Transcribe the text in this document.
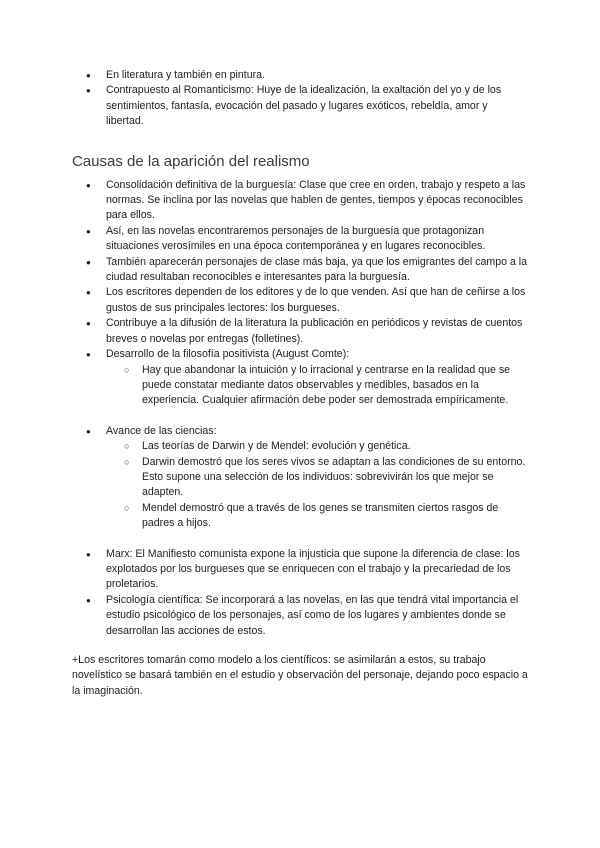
● En literatura y también en pintura.
● Contrapuesto al Romanticismo: Huye de la idealización, la exaltación del yo y de los sentimientos, fantasía, evocación del pasado y lugares exóticos, rebeldía, amor y libertad.
Causas de la aparición del realismo
● Consolidación definitiva de la burguesía: Clase que cree en orden, trabajo y respeto a las normas. Se inclina por las novelas que hablen de gentes, tiempos y épocas reconocibles para ellos.
● Así, en las novelas encontraremos personajes de la burguesía que protagonizan situaciones verosímiles en una época contemporánea y en lugares reconocibles.
● También aparecerán personajes de clase más baja, ya que los emigrantes del campo a la ciudad resultaban reconocibles e interesantes para la burguesía.
● Los escritores dependen de los editores y de lo que venden. Así que han de ceñirse a los gustos de sus principales lectores: los burgueses.
● Contribuye a la difusión de la literatura la publicación en periódicos y revistas de cuentos breves o novelas por entregas (folletines).
● Desarrollo de la filosofía positivista (August Comte):
○ Hay que abandonar la intuición y lo irracional y centrarse en la realidad que se puede constatar mediante datos observables y medibles, basados en la experiencia. Cualquier afirmación debe poder ser demostrada empíricamente.
● Avance de las ciencias:
○ Las teorías de Darwin y de Mendel: evolución y genética.
○ Darwin demostró que los seres vivos se adaptan a las condiciones de su entorno. Esto supone una selección de los individuos: sobrevivirán los que mejor se adapten.
○ Mendel demostró que a través de los genes se transmiten ciertos rasgos de padres a hijos.
● Marx: El Manifiesto comunista expone la injusticia que supone la diferencia de clase: los explotados por los burgueses que se enriquecen con el trabajo y la precariedad de los proletarios.
● Psicología científica: Se incorporará a las novelas, en las que tendrá vital importancia el estudio psicológico de los personajes, así como de los lugares y ambientes donde se desarrollan las acciones de estos.

+Los escritores tomarán como modelo a los científicos: se asimilarán a estos, su trabajo novelístico se basará también en el estudio y observación del personaje, dejando poco espacio a la imaginación.
